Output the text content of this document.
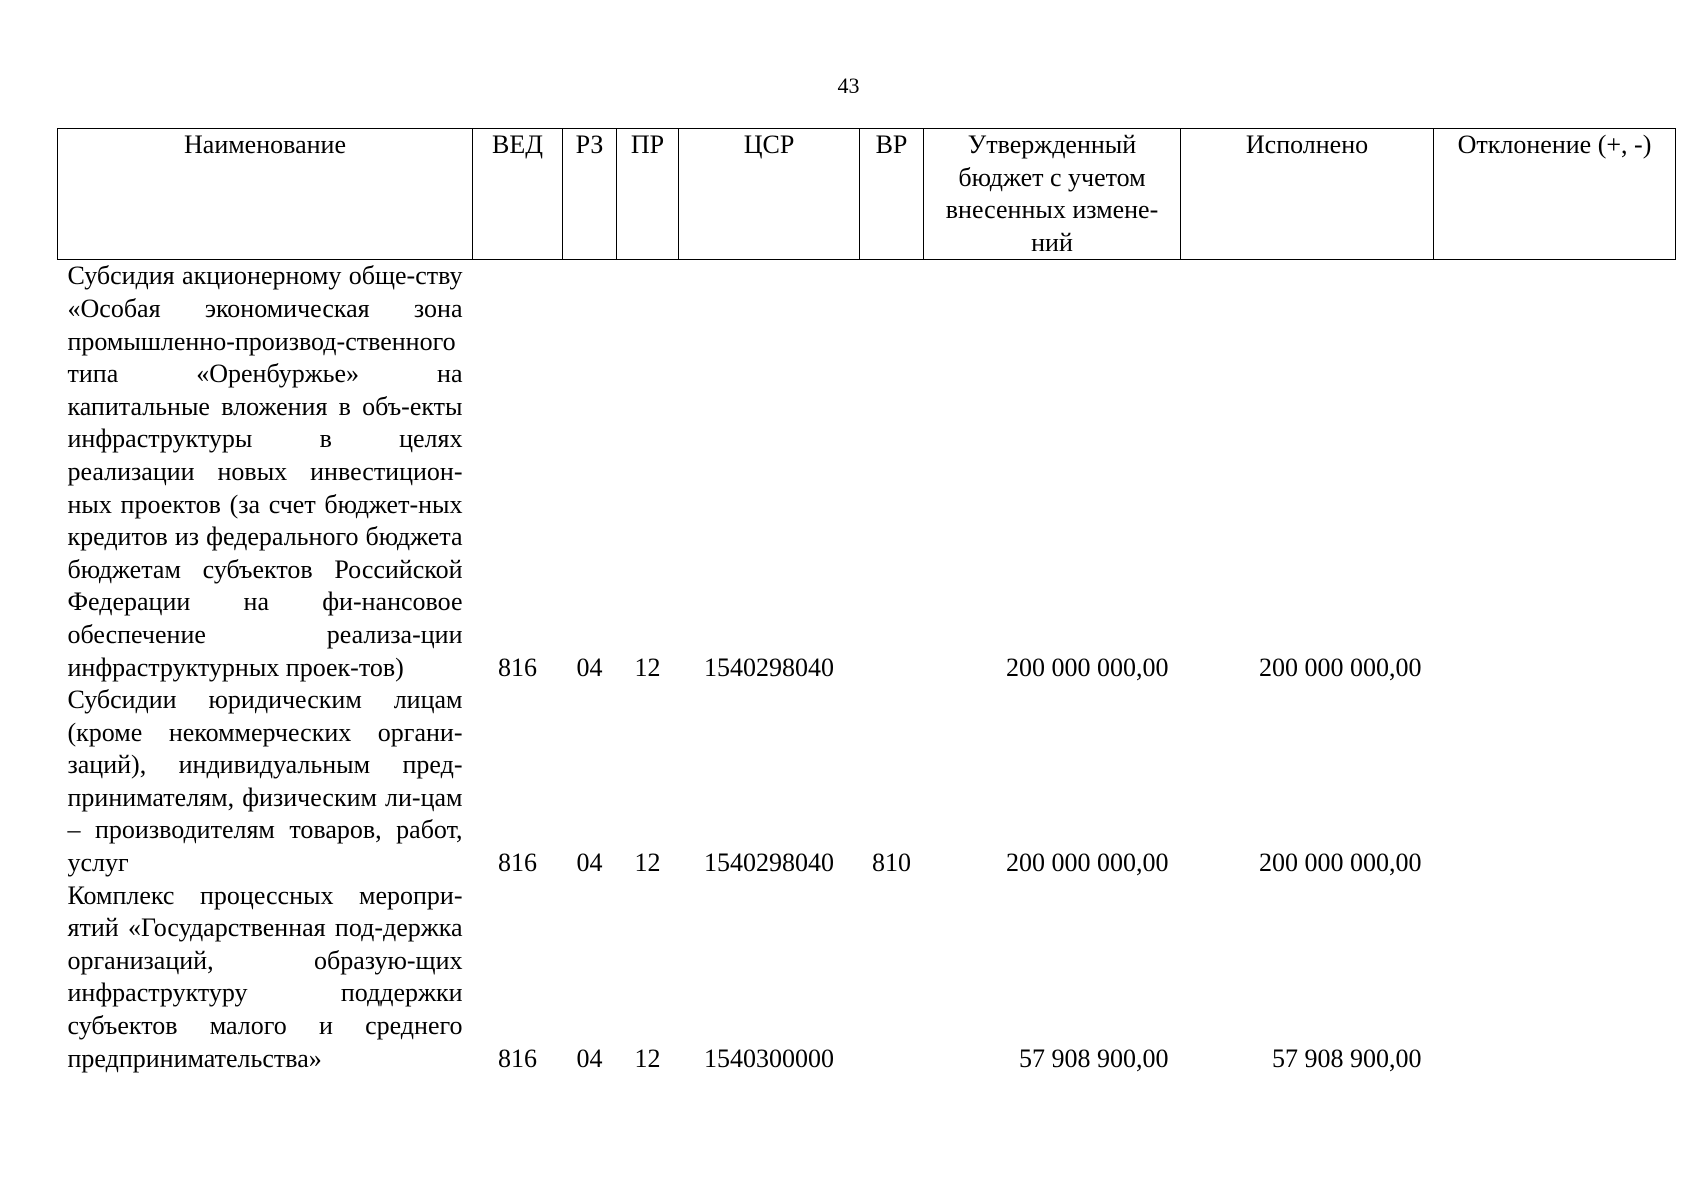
43
Наименование	ВЕД	РЗ	ПР	ЦСР	ВР	Утвержденный бюджет с учетом внесенных измене-ний	Исполнено	Отклонение (+, -)
Субсидия акционерному обще-ству «Особая экономическая зона промышленно-производ-ственного типа «Оренбуржье» на капитальные вложения в объ-екты инфраструктуры в целях реализации новых инвестицион-ных проектов (за счет бюджет-ных кредитов из федерального бюджета бюджетам субъектов Российской Федерации на фи-нансовое обеспечение реализа-ции инфраструктурных проек-тов)	816	04	12	1540298040		200 000 000,00	200 000 000,00	
Субсидии юридическим лицам (кроме некоммерческих органи-заций), индивидуальным пред-принимателям, физическим ли-цам – производителям товаров, работ, услуг	816	04	12	1540298040	810	200 000 000,00	200 000 000,00	
Комплекс процессных меропри-ятий «Государственная под-держка организаций, образую-щих инфраструктуру поддержки субъектов малого и среднего предпринимательства»	816	04	12	1540300000		57 908 900,00	57 908 900,00	
